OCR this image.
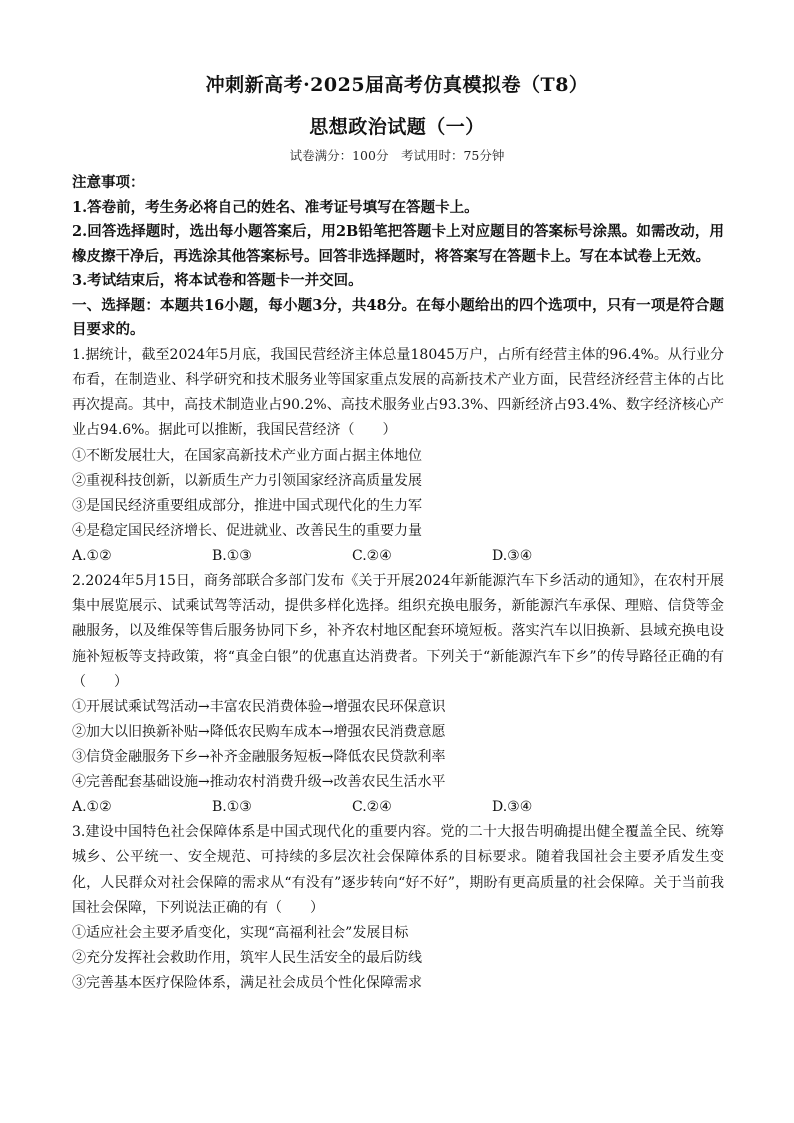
冲刺新高考·2025届高考仿真模拟卷（T8）
思想政治试题（一）
试卷满分：100分　考试用时：75分钟

注意事项：

1.答卷前，考生务必将自己的姓名、准考证号填写在答题卡上。

2.回答选择题时，选出每小题答案后，用2B铅笔把答题卡上对应题目的答案标号涂黑。如需改动，用橡皮擦干净后，再选涂其他答案标号。回答非选择题时，将答案写在答题卡上。写在本试卷上无效。

3.考试结束后，将本试卷和答题卡一并交回。

一、选择题：本题共16小题，每小题3分，共48分。在每小题给出的四个选项中，只有一项是符合题目要求的。

1.据统计，截至2024年5月底，我国民营经济主体总量18045万户，占所有经营主体的96.4%。从行业分布看，在制造业、科学研究和技术服务业等国家重点发展的高新技术产业方面，民营经济经营主体的占比再次提高。其中，高技术制造业占90.2%、高技术服务业占93.3%、四新经济占93.4%、数字经济核心产业占94.6%。据此可以推断，我国民营经济（　　）

①不断发展壮大，在国家高新技术产业方面占据主体地位

②重视科技创新，以新质生产力引领国家经济高质量发展

③是国民经济重要组成部分，推进中国式现代化的生力军

④是稳定国民经济增长、促进就业、改善民生的重要力量

A.①②	B.①③	C.②④	D.③④

2.2024年5月15日，商务部联合多部门发布《关于开展2024年新能源汽车下乡活动的通知》，在农村开展集中展览展示、试乘试驾等活动，提供多样化选择。组织充换电服务，新能源汽车承保、理赔、信贷等金融服务，以及维保等售后服务协同下乡，补齐农村地区配套环境短板。落实汽车以旧换新、县域充换电设施补短板等支持政策，将“真金白银”的优惠直达消费者。下列关于“新能源汽车下乡”的传导路径正确的有（　　）

①开展试乘试驾活动→丰富农民消费体验→增强农民环保意识

②加大以旧换新补贴→降低农民购车成本→增强农民消费意愿

③信贷金融服务下乡→补齐金融服务短板→降低农民贷款利率

④完善配套基础设施→推动农村消费升级→改善农民生活水平

A.①②	B.①③	C.②④	D.③④

3.建设中国特色社会保障体系是中国式现代化的重要内容。党的二十大报告明确提出健全覆盖全民、统筹城乡、公平统一、安全规范、可持续的多层次社会保障体系的目标要求。随着我国社会主要矛盾发生变化，人民群众对社会保障的需求从“有没有”逐步转向“好不好”，期盼有更高质量的社会保障。关于当前我国社会保障，下列说法正确的有（　　）

①适应社会主要矛盾变化，实现“高福利社会”发展目标

②充分发挥社会救助作用，筑牢人民生活安全的最后防线

③完善基本医疗保险体系，满足社会成员个性化保障需求
